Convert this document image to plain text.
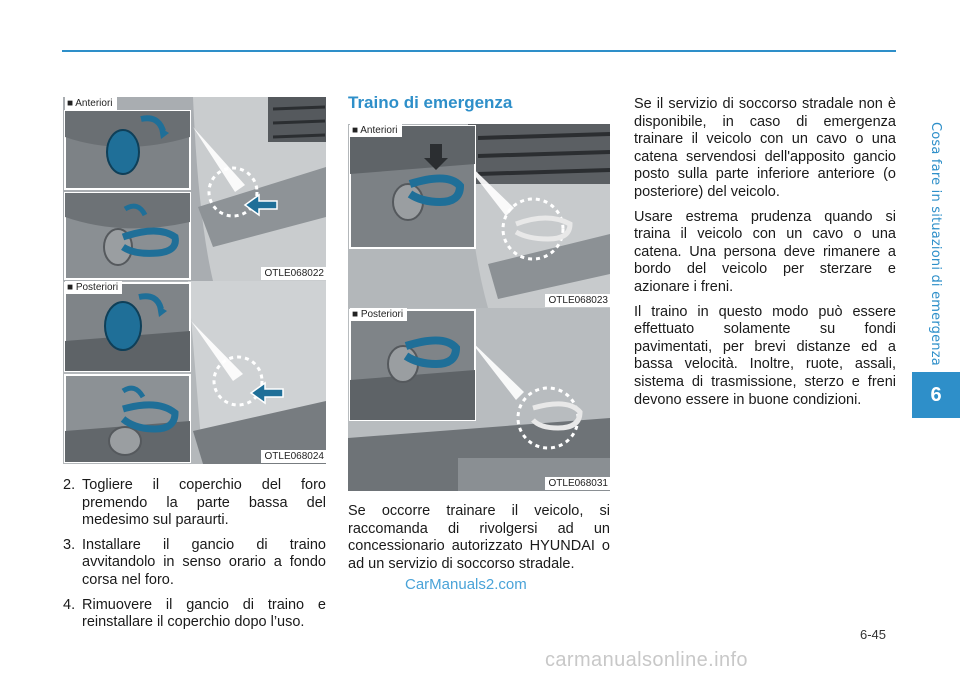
Cosa fare in situazioni di emergenza
6
■ Anteriori
OTLE068022
■ Posteriori
OTLE068024
■ Anteriori
OTLE068023
■ Posteriori
OTLE068031
2. Togliere il coperchio del foro premendo la parte bassa del medesimo sul paraurti.
3. Installare il gancio di traino avvitandolo in senso orario a fondo corsa nel foro.
4. Rimuovere il gancio di traino e reinstallare il coperchio dopo l’uso.
Traino di emergenza

Se occorre trainare il veicolo, si raccomanda di rivolgersi ad un concessionario autorizzato HYUNDAI o ad un servizio di soccorso stradale.

Se il servizio di soccorso stradale non è disponibile, in caso di emergenza trainare il veicolo con un cavo o una catena servendosi dell'apposito gancio posto sulla parte inferiore anteriore (o posteriore) del veicolo.

Usare estrema prudenza quando si traina il veicolo con un cavo o una catena. Una persona deve rimanere a bordo del veicolo per sterzare e azionare i freni.

Il traino in questo modo può essere effettuato solamente su fondi pavimentati, per brevi distanze ed a bassa velocità. Inoltre, ruote, assali, sistema di trasmissione, sterzo e freni devono essere in buone condizioni.

CarManuals2.com
6-45
carmanualsonline.info
